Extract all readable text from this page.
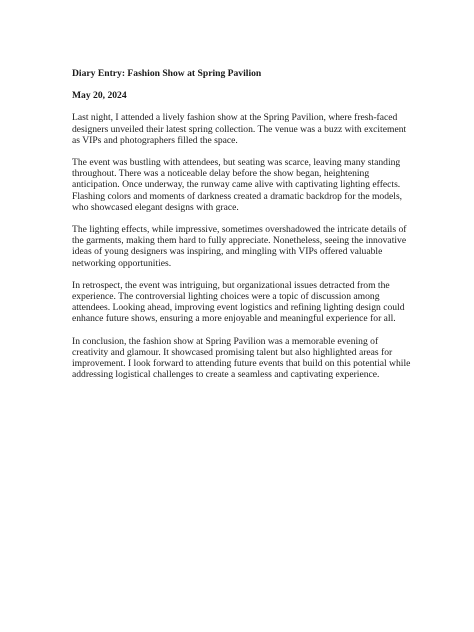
Diary Entry: Fashion Show at Spring Pavilion

May 20, 2024

Last night, I attended a lively fashion show at the Spring Pavilion, where fresh-faced designers unveiled their latest spring collection. The venue was a buzz with excitement as VIPs and photographers filled the space.

The event was bustling with attendees, but seating was scarce, leaving many standing throughout. There was a noticeable delay before the show began, heightening anticipation. Once underway, the runway came alive with captivating lighting effects. Flashing colors and moments of darkness created a dramatic backdrop for the models, who showcased elegant designs with grace.

The lighting effects, while impressive, sometimes overshadowed the intricate details of the garments, making them hard to fully appreciate. Nonetheless, seeing the innovative ideas of young designers was inspiring, and mingling with VIPs offered valuable networking opportunities.

In retrospect, the event was intriguing, but organizational issues detracted from the experience. The controversial lighting choices were a topic of discussion among attendees. Looking ahead, improving event logistics and refining lighting design could enhance future shows, ensuring a more enjoyable and meaningful experience for all.

In conclusion, the fashion show at Spring Pavilion was a memorable evening of creativity and glamour. It showcased promising talent but also highlighted areas for improvement. I look forward to attending future events that build on this potential while addressing logistical challenges to create a seamless and captivating experience.
